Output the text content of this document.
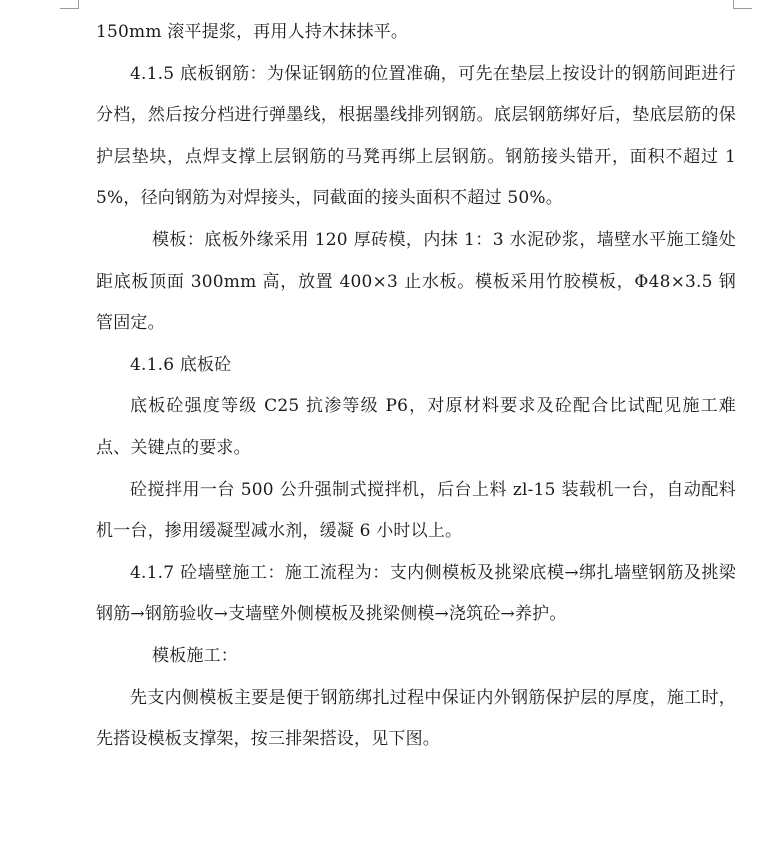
150mm 滚平提浆，再用人持木抹抹平。

4.1.5 底板钢筋：为保证钢筋的位置准确，可先在垫层上按设计的钢筋间距进行分档，然后按分档进行弹墨线，根据墨线排列钢筋。底层钢筋绑好后，垫底层筋的保护层垫块，点焊支撑上层钢筋的马凳再绑上层钢筋。钢筋接头错开，面积不超过 15%，径向钢筋为对焊接头，同截面的接头面积不超过 50%。

模板：底板外缘采用 120 厚砖模，内抹 1：3 水泥砂浆，墙壁水平施工缝处距底板顶面 300mm 高，放置 400×3 止水板。模板采用竹胶模板，Φ48×3.5 钢管固定。

4.1.6 底板砼

底板砼强度等级 C25 抗渗等级 P6，对原材料要求及砼配合比试配见施工难点、关键点的要求。

砼搅拌用一台 500 公升强制式搅拌机，后台上料 zl-15 装载机一台，自动配料机一台，掺用缓凝型减水剂，缓凝 6 小时以上。

4.1.7 砼墙壁施工：施工流程为：支内侧模板及挑梁底模→绑扎墙壁钢筋及挑梁钢筋→钢筋验收→支墙壁外侧模板及挑梁侧模→浇筑砼→养护。

模板施工：

先支内侧模板主要是便于钢筋绑扎过程中保证内外钢筋保护层的厚度，施工时，先搭设模板支撑架，按三排架搭设，见下图。
